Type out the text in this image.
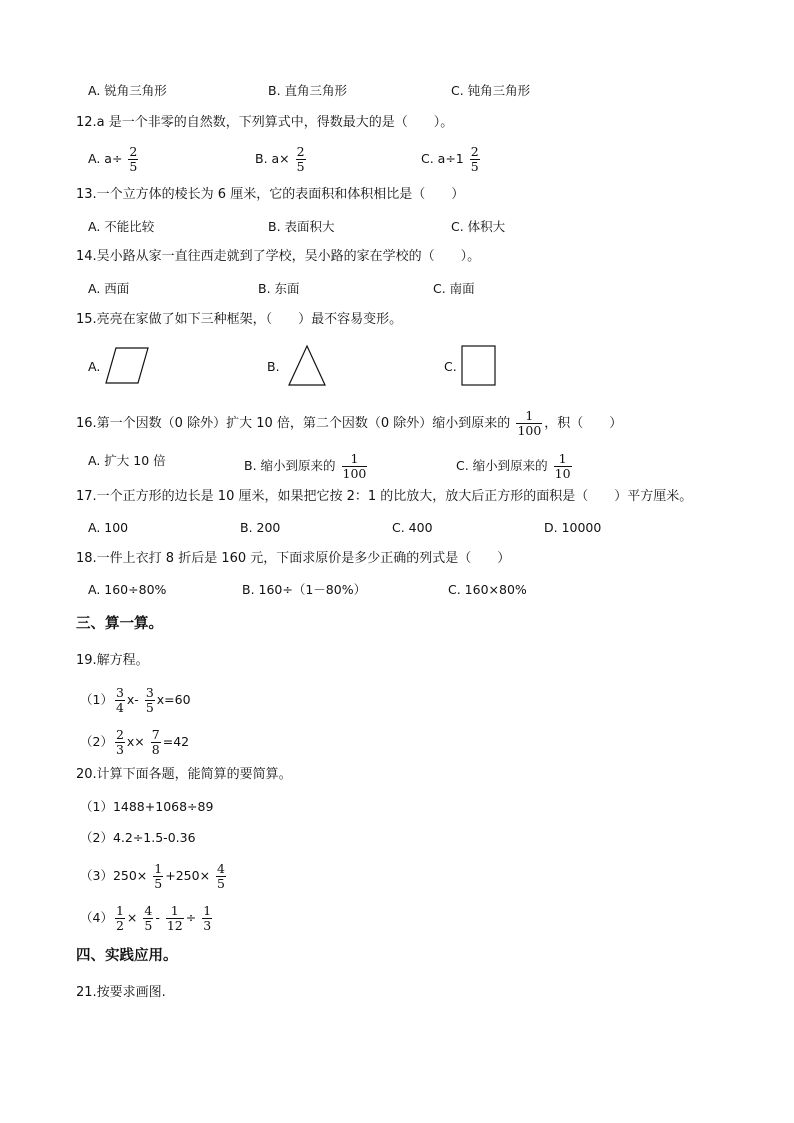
A. 锐角三角形	B. 直角三角形	C. 钝角三角形
12.a 是一个非零的自然数，下列算式中，得数最大的是（　　）。
A. $a\div \frac{2}{5}$	B. $a\times \frac{2}{5}$	C. $a\div 1 \frac{2}{5}$
13.一个立方体的棱长为 6 厘米，它的表面积和体积相比是（　　）
A. 不能比较	B. 表面积大	C. 体积大
14.吴小路从家一直往西走就到了学校，吴小路的家在学校的（　　）。
A. 西面	B. 东面	C. 南面
15.亮亮在家做了如下三种框架，（　　）最不容易变形。
A.	B.	C.
16.第一个因数（0 除外）扩大 10 倍，第二个因数（0 除外）缩小到原来的 $\frac{1}{100}$ ，积（　　）
A. 扩大 10 倍	B. 缩小到原来的 $\frac{1}{100}$	C. 缩小到原来的 $\frac{1}{10}$
17.一个正方形的边长是 10 厘米，如果把它按 2：1 的比放大，放大后正方形的面积是（　　）平方厘米。
A. 100	B. 200	C. 400	D. 10000
18.一件上衣打 8 折后是 160 元，下面求原价是多少正确的列式是（　　）
A. 160÷80%	B. 160÷（1－80%）	C. 160×80%
三、算一算。
19.解方程。
$(1) \frac{3}{4} x- \frac{3}{5} x=60$
$(2) \frac{2}{3} x\times \frac{7}{8} =42$
20.计算下面各题，能简算的要简算。
（1）1488+1068÷89
（2）4.2÷1.5-0.36
$(3)250\times \frac{1}{5} +250\times \frac{4}{5}$
$(4) \frac{1}{2} \times \frac{4}{5} - \frac{1}{12} \div \frac{1}{3}$
四、实践应用。
21.按要求画图.
